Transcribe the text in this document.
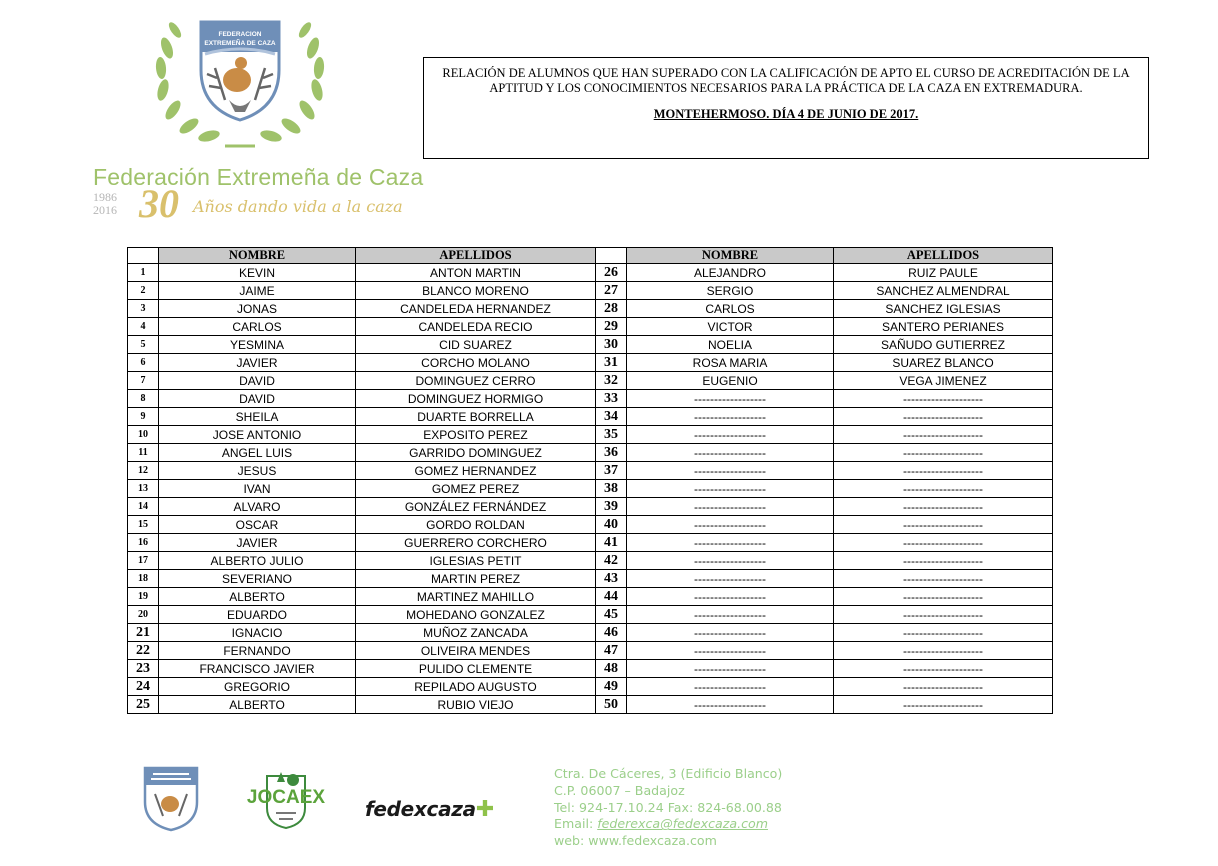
FEDERACION
EXTREMEÑA DE CAZA
Federación Extremeña de Caza
1986
2016 30 Años dando vida a la caza
RELACIÓN DE ALUMNOS QUE HAN SUPERADO CON LA CALIFICACIÓN DE APTO EL CURSO DE ACREDITACIÓN DE LA APTITUD Y LOS CONOCIMIENTOS NECESARIOS PARA LA PRÁCTICA DE LA CAZA EN EXTREMADURA.
MONTEHERMOSO. DÍA 4 DE JUNIO DE 2017.
	NOMBRE	APELLIDOS		NOMBRE	APELLIDOS
1	KEVIN	ANTON MARTIN	26	ALEJANDRO	RUIZ PAULE
2	JAIME	BLANCO MORENO	27	SERGIO	SANCHEZ ALMENDRAL
3	JONAS	CANDELEDA HERNANDEZ	28	CARLOS	SANCHEZ IGLESIAS
4	CARLOS	CANDELEDA RECIO	29	VICTOR	SANTERO PERIANES
5	YESMINA	CID SUAREZ	30	NOELIA	SAÑUDO GUTIERREZ
6	JAVIER	CORCHO MOLANO	31	ROSA MARIA	SUAREZ BLANCO
7	DAVID	DOMINGUEZ CERRO	32	EUGENIO	VEGA JIMENEZ
8	DAVID	DOMINGUEZ HORMIGO	33	------------------	--------------------
9	SHEILA	DUARTE BORRELLA	34	------------------	--------------------
10	JOSE ANTONIO	EXPOSITO PEREZ	35	------------------	--------------------
11	ANGEL LUIS	GARRIDO DOMINGUEZ	36	------------------	--------------------
12	JESUS	GOMEZ HERNANDEZ	37	------------------	--------------------
13	IVAN	GOMEZ PEREZ	38	------------------	--------------------
14	ALVARO	GONZÁLEZ FERNÁNDEZ	39	------------------	--------------------
15	OSCAR	GORDO ROLDAN	40	------------------	--------------------
16	JAVIER	GUERRERO CORCHERO	41	------------------	--------------------
17	ALBERTO JULIO	IGLESIAS PETIT	42	------------------	--------------------
18	SEVERIANO	MARTIN PEREZ	43	------------------	--------------------
19	ALBERTO	MARTINEZ MAHILLO	44	------------------	--------------------
20	EDUARDO	MOHEDANO GONZALEZ	45	------------------	--------------------
21	IGNACIO	MUÑOZ ZANCADA	46	------------------	--------------------
22	FERNANDO	OLIVEIRA MENDES	47	------------------	--------------------
23	FRANCISCO JAVIER	PULIDO CLEMENTE	48	------------------	--------------------
24	GREGORIO	REPILADO AUGUSTO	49	------------------	--------------------
25	ALBERTO	RUBIO VIEJO	50	------------------	--------------------
JOCAEX fedexcaza✚
Ctra. De Cáceres, 3 (Edificio Blanco)
C.P. 06007 – Badajoz
Tel: 924-17.10.24 Fax: 824-68.00.88
Email: federexca@fedexcaza.com
web: www.fedexcaza.com
